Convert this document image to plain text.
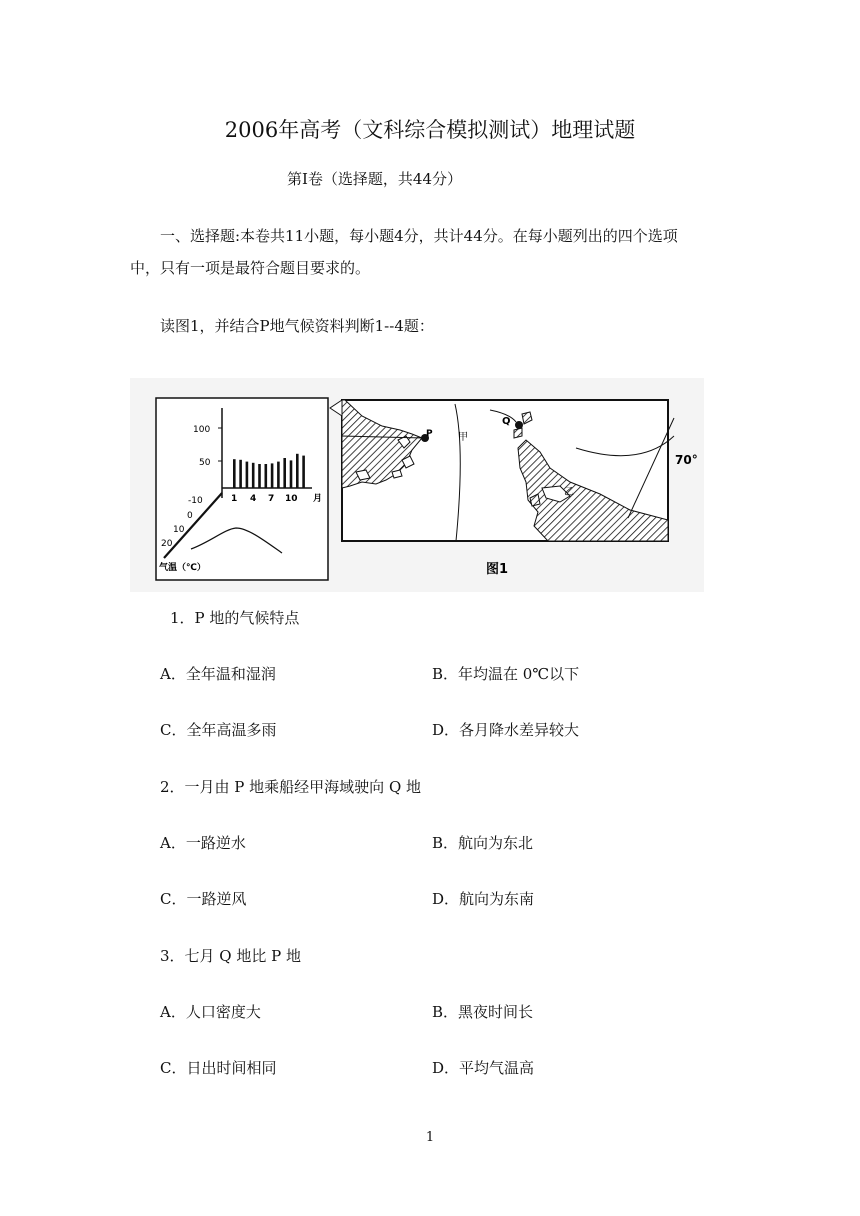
2006年高考（文科综合模拟测试）地理试题
第Ⅰ卷（选择题，共44分）
一、选择题:本卷共11小题，每小题4分，共计44分。在每小题列出的四个选项
中，只有一项是最符合题目要求的。
读图1，并结合P地气候资料判断1--4题：
100
50
1 4 7 10 月
-10
0
10
20
气温（℃）
P
Q
甲
乙
70°
图1
1．P 地的气候特点
A．全年温和湿润	B．年均温在 0℃以下
C．全年高温多雨	D．各月降水差异较大
2．一月由 P 地乘船经甲海域驶向 Q 地
A．一路逆水	B．航向为东北
C．一路逆风	D．航向为东南
3．七月 Q 地比 P 地
A．人口密度大	B．黑夜时间长
C．日出时间相同	D．平均气温高
1
